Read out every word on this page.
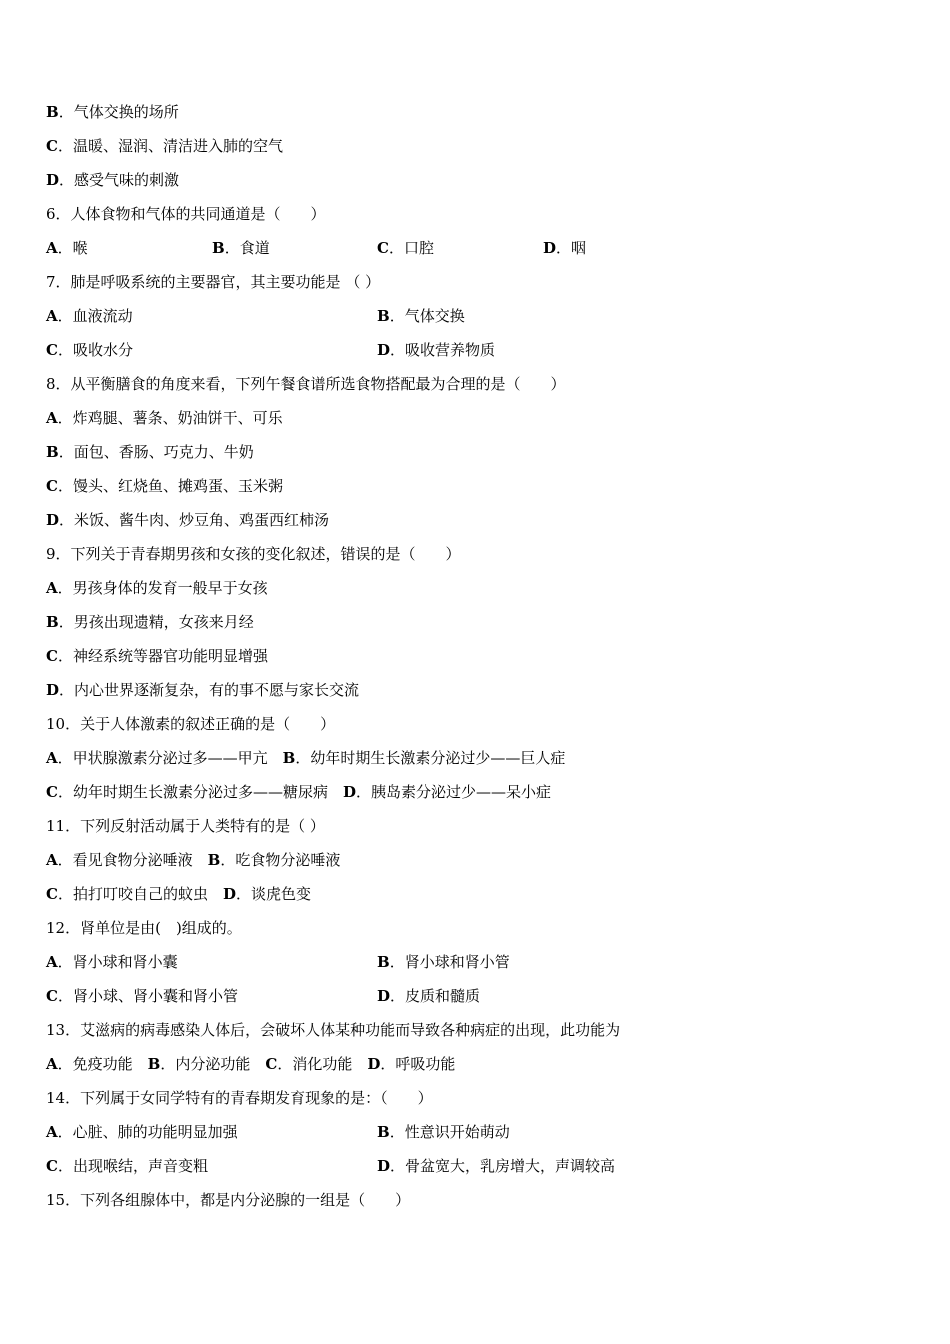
B．气体交换的场所
C．温暖、湿润、清洁进入肺的空气
D．感受气味的刺激
6．人体食物和气体的共同通道是（　　）
A．喉	B．食道	C．口腔	D．咽
7．肺是呼吸系统的主要器官，其主要功能是 （ ）
A．血液流动	B．气体交换
C．吸收水分	D．吸收营养物质
8．从平衡膳食的角度来看，下列午餐食谱所选食物搭配最为合理的是（　　）
A．炸鸡腿、薯条、奶油饼干、可乐
B．面包、香肠、巧克力、牛奶
C．馒头、红烧鱼、摊鸡蛋、玉米粥
D．米饭、酱牛肉、炒豆角、鸡蛋西红柿汤
9．下列关于青春期男孩和女孩的变化叙述，错误的是（　　）
A．男孩身体的发育一般早于女孩
B．男孩出现遗精，女孩来月经
C．神经系统等器官功能明显增强
D．内心世界逐渐复杂，有的事不愿与家长交流
10．关于人体激素的叙述正确的是（　　）
A．甲状腺激素分泌过多——甲亢　B．幼年时期生长激素分泌过少——巨人症
C．幼年时期生长激素分泌过多——糖尿病　D．胰岛素分泌过少——呆小症
11．下列反射活动属于人类特有的是（ ）
A．看见食物分泌唾液　B．吃食物分泌唾液
C．拍打叮咬自己的蚊虫　D．谈虎色变
12．肾单位是由(　)组成的。
A．肾小球和肾小囊	B．肾小球和肾小管
C．肾小球、肾小囊和肾小管	D．皮质和髓质
13．艾滋病的病毒感染人体后，会破坏人体某种功能而导致各种病症的出现，此功能为
A．免疫功能　B．内分泌功能　C．消化功能　D．呼吸功能
14．下列属于女同学特有的青春期发育现象的是：（　　）
A．心脏、肺的功能明显加强	B．性意识开始萌动
C．出现喉结，声音变粗	D．骨盆宽大，乳房增大，声调较高
15．下列各组腺体中，都是内分泌腺的一组是（　　）
